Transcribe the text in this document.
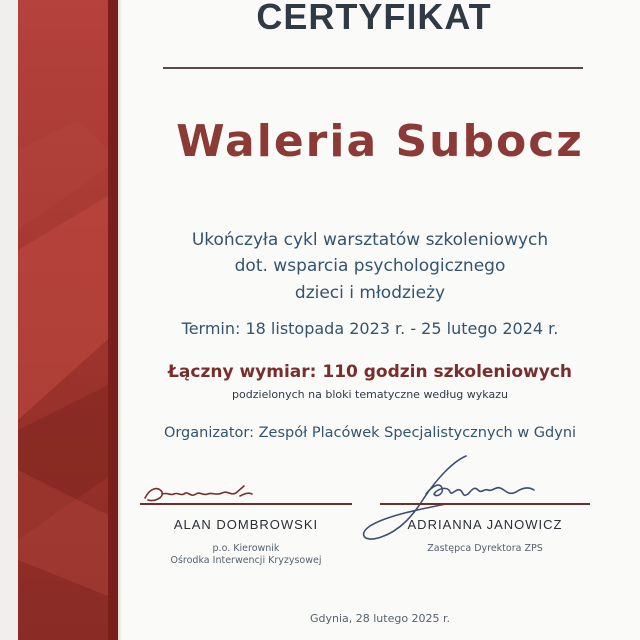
CERTYFIKAT
Waleria Subocz
Ukończyła cykl warsztatów szkoleniowych
dot. wsparcia psychologicznego
dzieci i młodzieży
Termin: 18 listopada 2023 r. - 25 lutego 2024 r.
Łączny wymiar: 110 godzin szkoleniowych
podzielonych na bloki tematyczne według wykazu
Organizator: Zespół Placówek Specjalistycznych w Gdyni
ALAN DOMBROWSKI
p.o. Kierownik
Ośrodka Interwencji Kryzysowej
ADRIANNA JANOWICZ
Zastępca Dyrektora ZPS
Gdynia, 28 lutego 2025 r.
